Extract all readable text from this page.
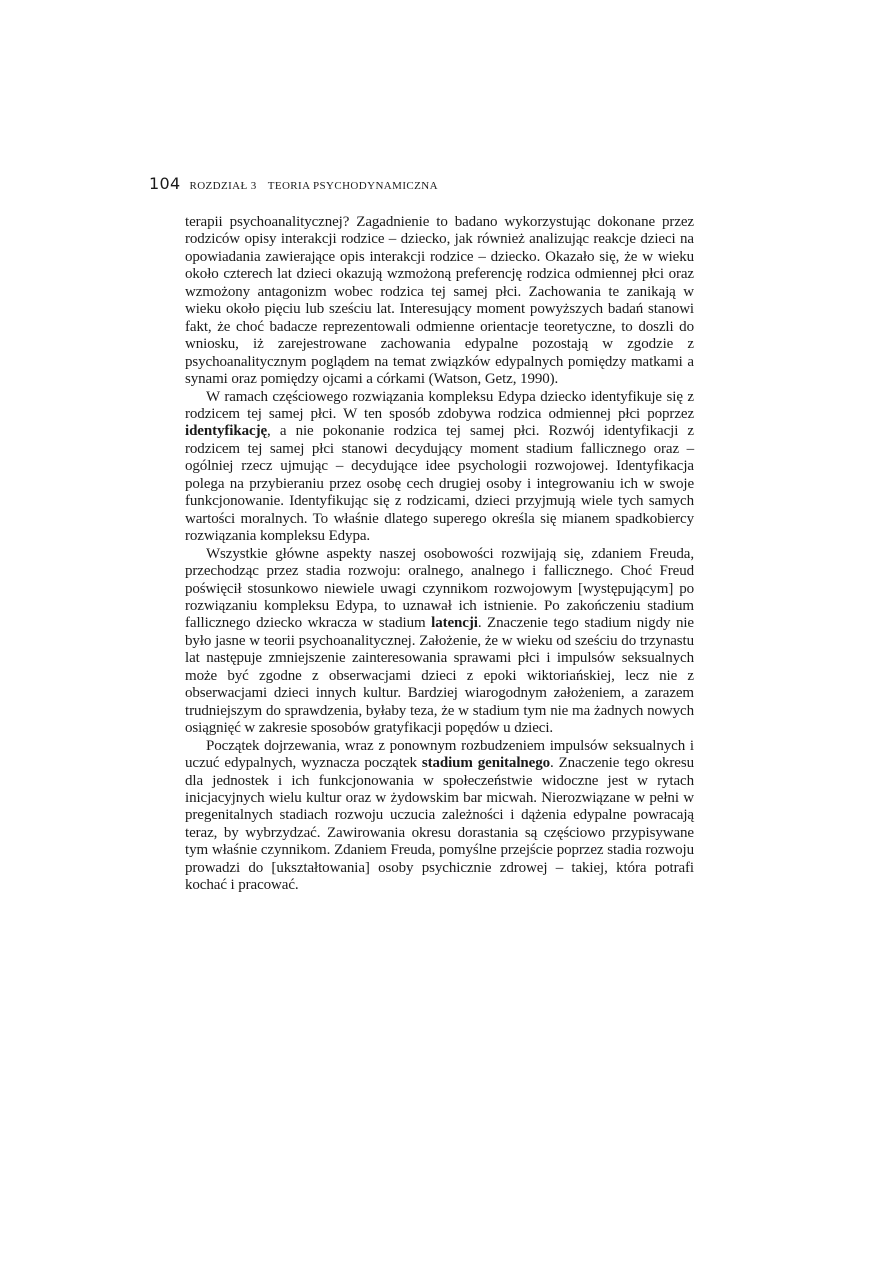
104 ROZDZIAŁ 3 TEORIA PSYCHODYNAMICZNA

terapii psychoanalitycznej? Zagadnienie to badano wykorzystując dokonane przez rodziców opisy interakcji rodzice – dziecko, jak również analizując reakcje dzieci na opowiadania zawierające opis interakcji rodzice – dziecko. Okazało się, że w wieku około czterech lat dzieci okazują wzmożoną preferencję rodzica odmiennej płci oraz wzmożony antagonizm wobec rodzica tej samej płci. Zachowania te zanikają w wieku około pięciu lub sześciu lat. Interesujący moment powyższych badań stanowi fakt, że choć badacze reprezentowali odmienne orientacje teoretyczne, to doszli do wniosku, iż zarejestrowane zachowania edypalne pozostają w zgodzie z psychoanalitycznym poglądem na temat związków edypalnych pomiędzy matkami a synami oraz pomiędzy ojcami a córkami (Watson, Getz, 1990).

W ramach częściowego rozwiązania kompleksu Edypa dziecko identyfikuje się z rodzicem tej samej płci. W ten sposób zdobywa rodzica odmiennej płci poprzez identyfikację, a nie pokonanie rodzica tej samej płci. Rozwój identyfikacji z rodzicem tej samej płci stanowi decydujący moment stadium fallicznego oraz – ogólniej rzecz ujmując – decydujące idee psychologii rozwojowej. Identyfikacja polega na przybieraniu przez osobę cech drugiej osoby i integrowaniu ich w swoje funkcjonowanie. Identyfikując się z rodzicami, dzieci przyjmują wiele tych samych wartości moralnych. To właśnie dlatego superego określa się mianem spadkobiercy rozwiązania kompleksu Edypa.

Wszystkie główne aspekty naszej osobowości rozwijają się, zdaniem Freuda, przechodząc przez stadia rozwoju: oralnego, analnego i fallicznego. Choć Freud poświęcił stosunkowo niewiele uwagi czynnikom rozwojowym [występującym] po rozwiązaniu kompleksu Edypa, to uznawał ich istnienie. Po zakończeniu stadium fallicznego dziecko wkracza w stadium latencji. Znaczenie tego stadium nigdy nie było jasne w teorii psychoanalitycznej. Założenie, że w wieku od sześciu do trzynastu lat następuje zmniejszenie zainteresowania sprawami płci i impulsów seksualnych może być zgodne z obserwacjami dzieci z epoki wiktoriańskiej, lecz nie z obserwacjami dzieci innych kultur. Bardziej wiarogodnym założeniem, a zarazem trudniejszym do sprawdzenia, byłaby teza, że w stadium tym nie ma żadnych nowych osiągnięć w zakresie sposobów gratyfikacji popędów u dzieci.

Początek dojrzewania, wraz z ponownym rozbudzeniem impulsów seksualnych i uczuć edypalnych, wyznacza początek stadium genitalnego. Znaczenie tego okresu dla jednostek i ich funkcjonowania w społeczeństwie widoczne jest w rytach inicjacyjnych wielu kultur oraz w żydowskim bar micwah. Nierozwiązane w pełni w pregenitalnych stadiach rozwoju uczucia zależności i dążenia edypalne powracają teraz, by wybrzydzać. Zawirowania okresu dorastania są częściowo przypisywane tym właśnie czynnikom. Zdaniem Freuda, pomyślne przejście poprzez stadia rozwoju prowadzi do [ukształtowania] osoby psychicznie zdrowej – takiej, która potrafi kochać i pracować.
